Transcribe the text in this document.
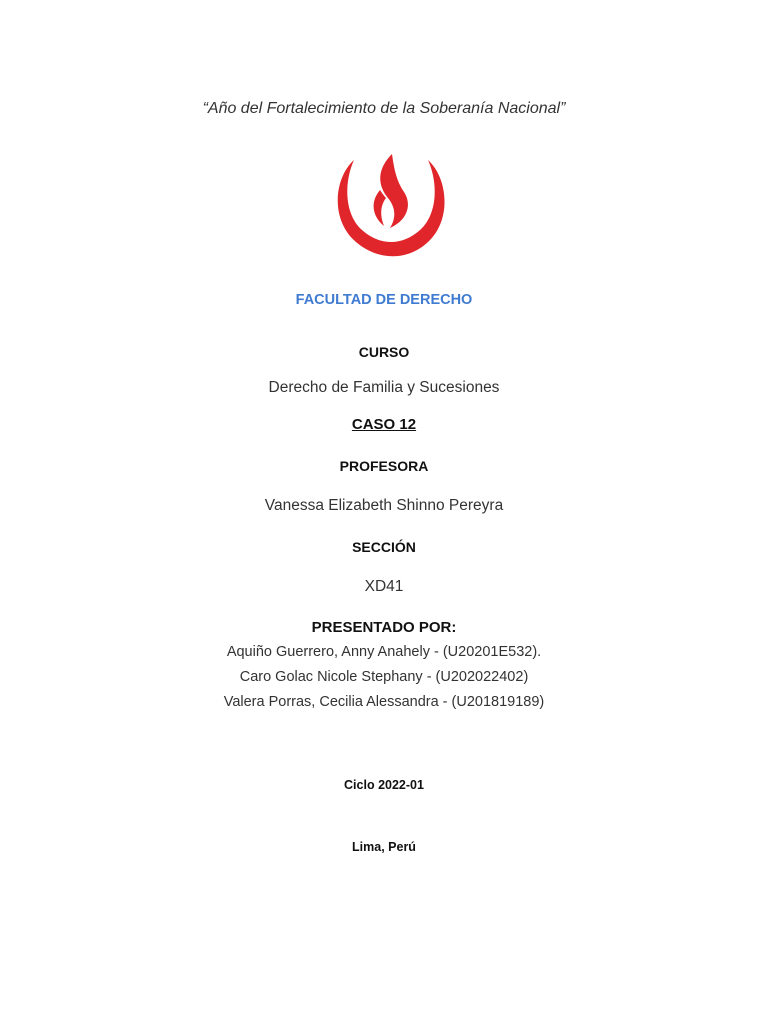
“Año del Fortalecimiento de la Soberanía Nacional”
FACULTAD DE DERECHO
CURSO
Derecho de Familia y Sucesiones
CASO 12
PROFESORA
Vanessa Elizabeth Shinno Pereyra
SECCIÓN
XD41
PRESENTADO POR:
Aquiño Guerrero, Anny Anahely - (U20201E532).
Caro Golac Nicole Stephany - (U202022402)
Valera Porras, Cecilia Alessandra - (U201819189)
Ciclo 2022-01
Lima, Perú
